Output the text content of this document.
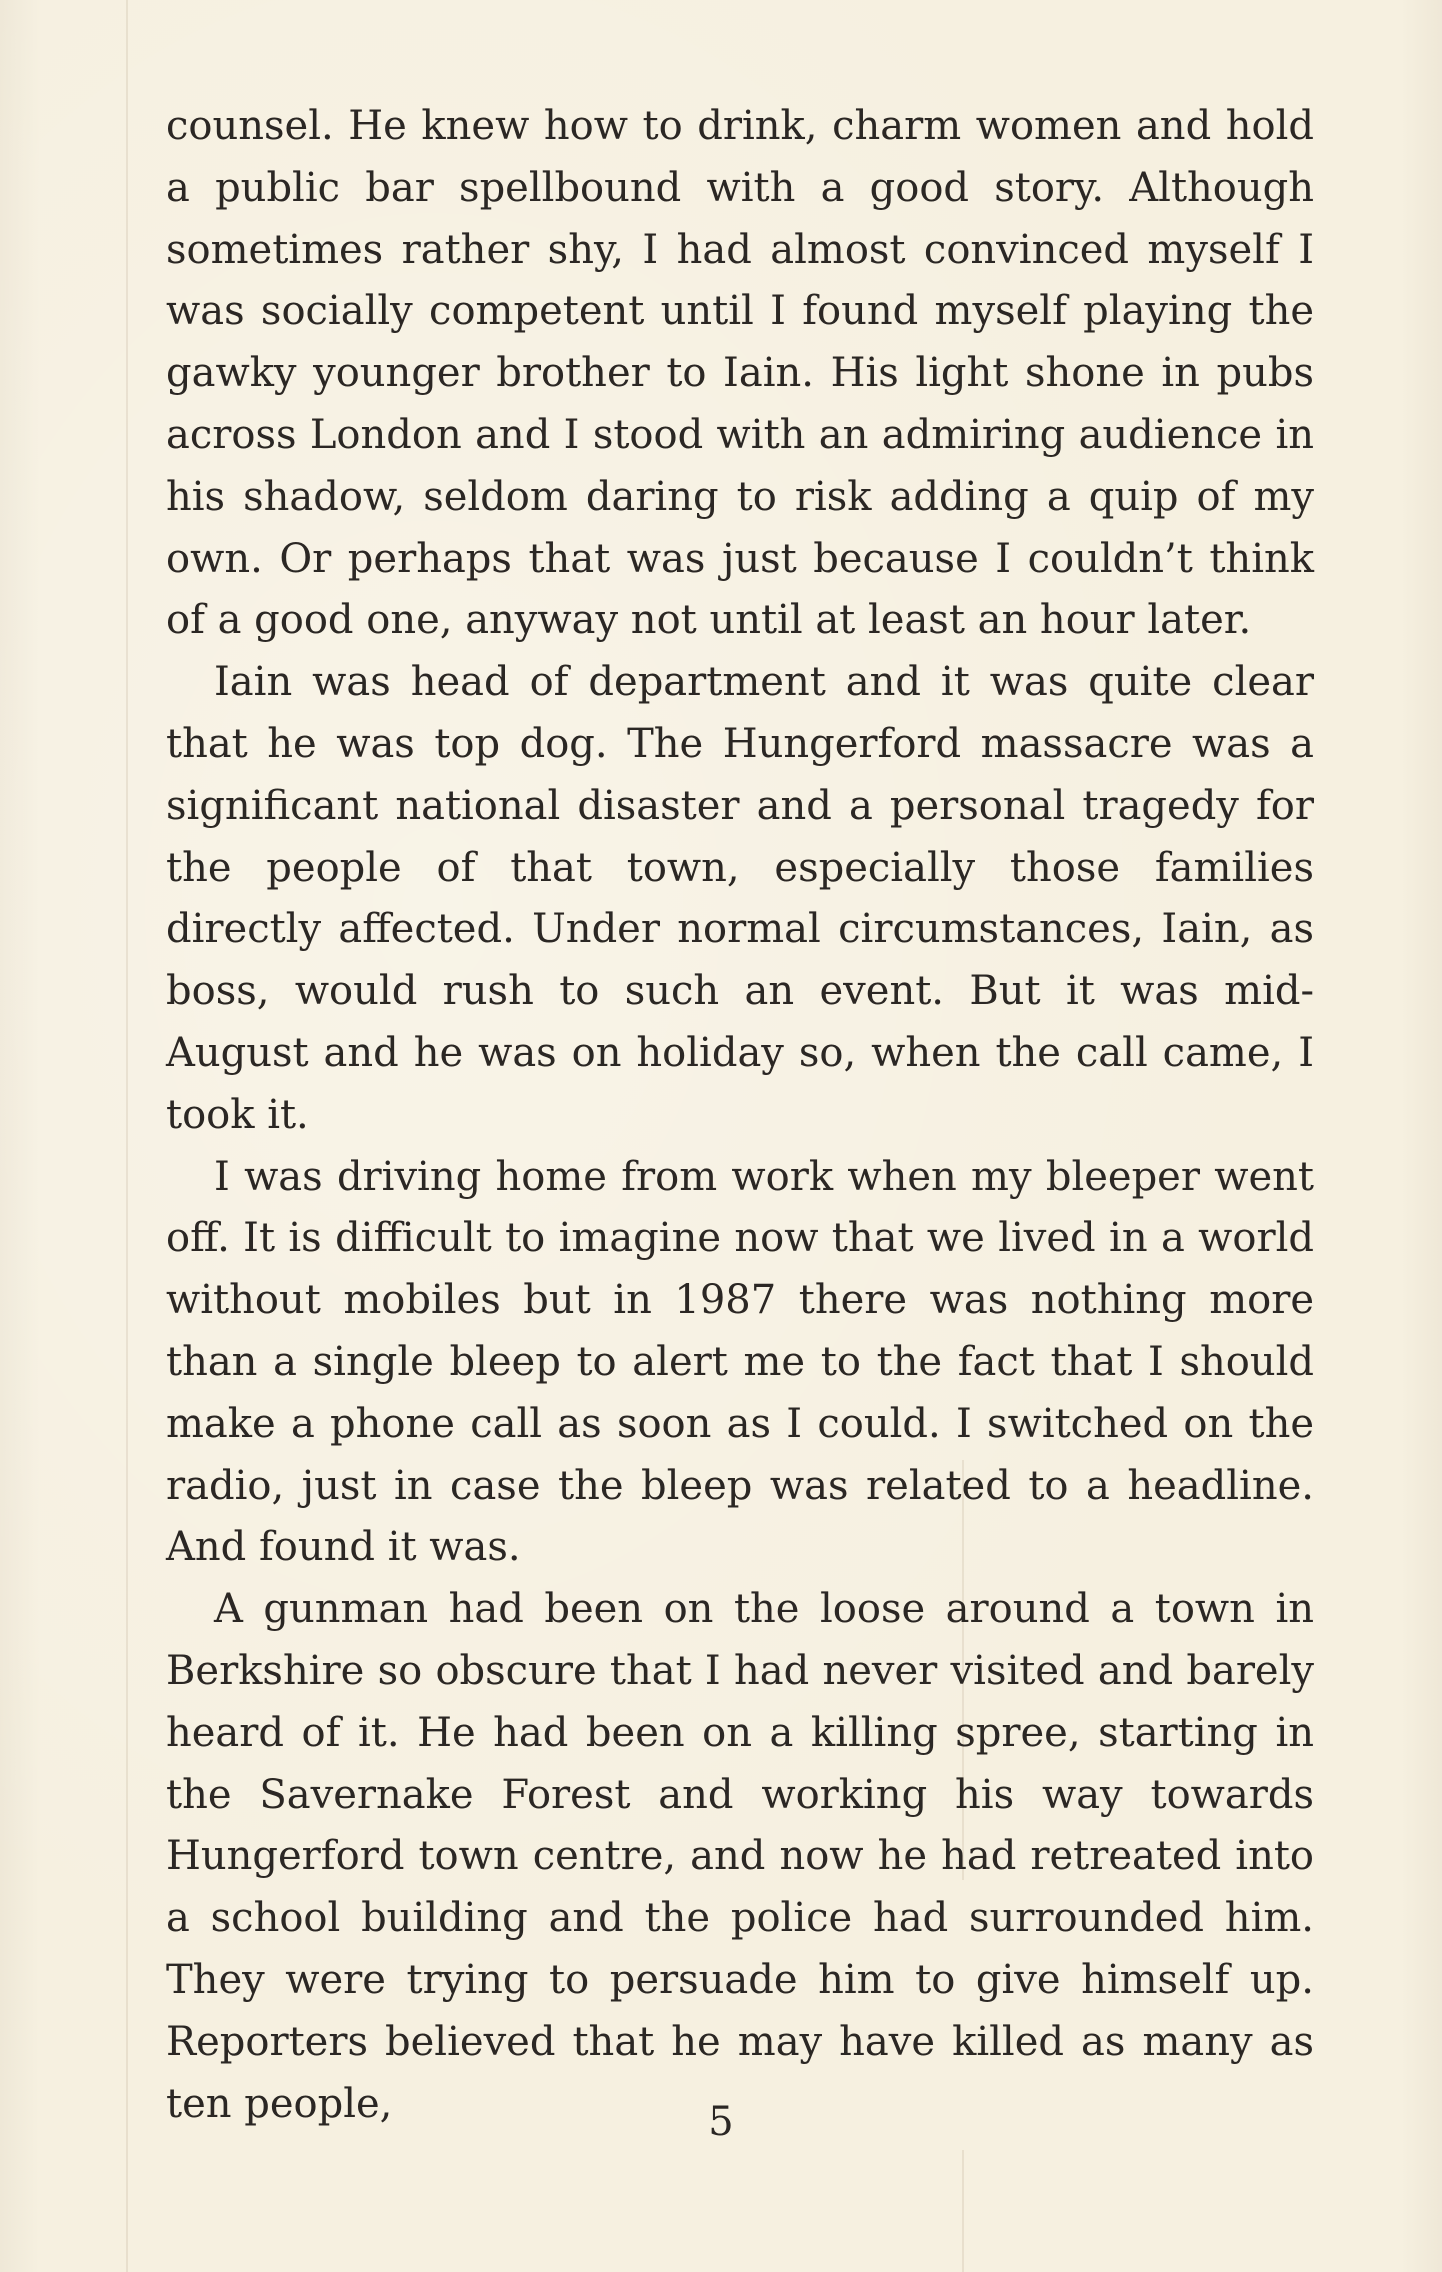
counsel. He knew how to drink, charm women and hold a public bar spellbound with a good story. Although sometimes rather shy, I had almost convinced myself I was socially competent until I found myself playing the gawky younger brother to Iain. His light shone in pubs across London and I stood with an admiring audience in his shadow, seldom daring to risk adding a quip of my own. Or perhaps that was just because I couldn’t think of a good one, anyway not until at least an hour later.

Iain was head of department and it was quite clear that he was top dog. The Hungerford massacre was a significant national disaster and a personal tragedy for the people of that town, especially those families directly affected. Under normal circumstances, Iain, as boss, would rush to such an event. But it was mid-August and he was on holiday so, when the call came, I took it.

I was driving home from work when my bleeper went off. It is difficult to imagine now that we lived in a world without mobiles but in 1987 there was nothing more than a single bleep to alert me to the fact that I should make a phone call as soon as I could. I switched on the radio, just in case the bleep was related to a headline. And found it was.

A gunman had been on the loose around a town in Berkshire so obscure that I had never visited and barely heard of it. He had been on a killing spree, starting in the Savernake Forest and working his way towards Hungerford town centre, and now he had retreated into a school building and the police had surrounded him. They were trying to persuade him to give himself up. Reporters believed that he may have killed as many as ten people,	5
